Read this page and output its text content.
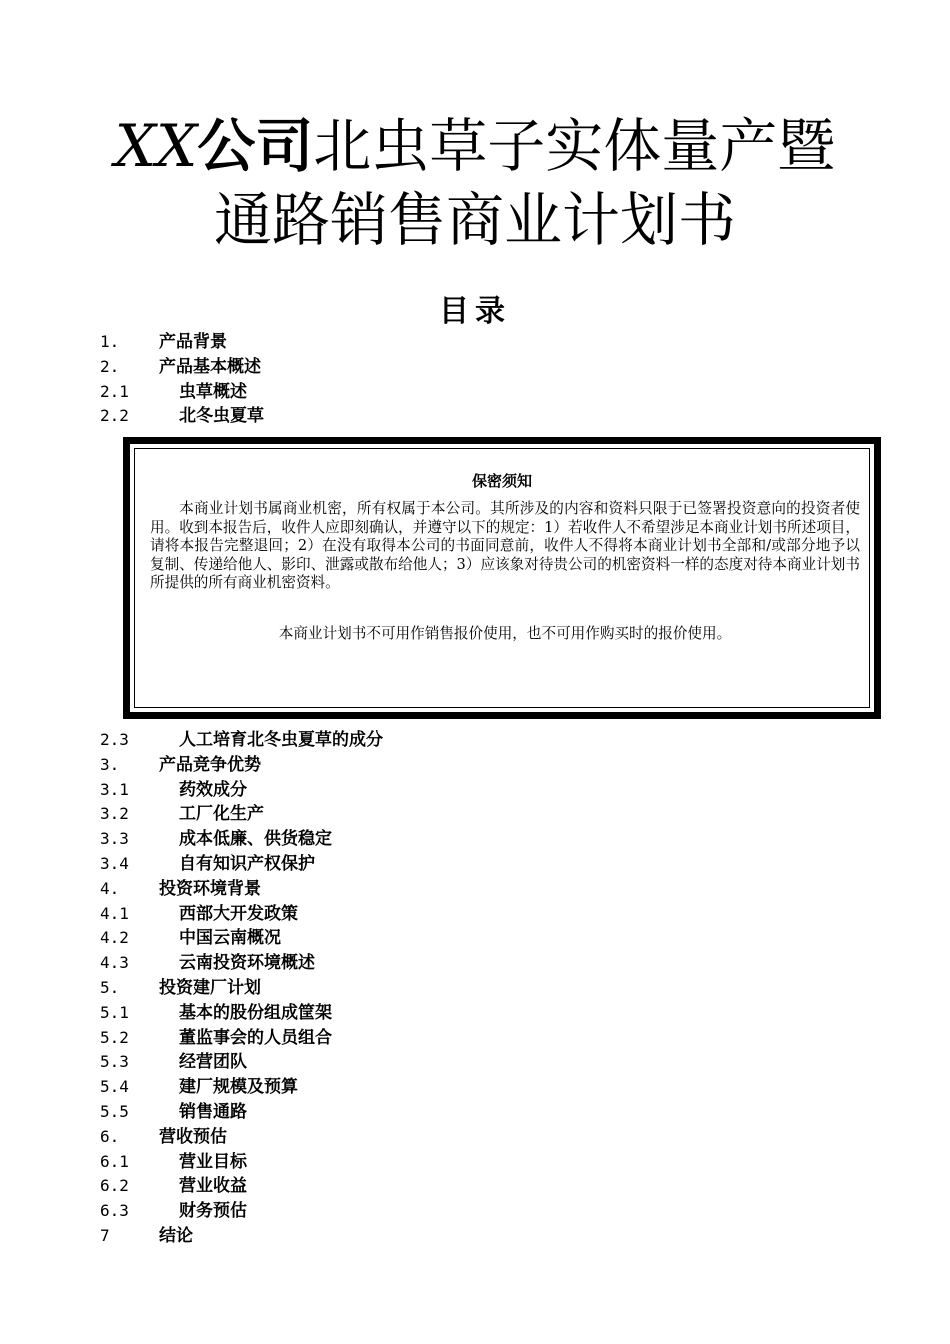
XX公司北虫草子实体量产暨
通路销售商业计划书
目录
1. 产品背景
2. 产品基本概述
2.1	虫草概述
2.2	北冬虫夏草
保密须知

本商业计划书属商业机密，所有权属于本公司。其所涉及的内容和资料只限于已签署投资意向的投资者使用。收到本报告后，收件人应即刻确认，并遵守以下的规定：1）若收件人不希望涉足本商业计划书所述项目，请将本报告完整退回；2）在没有取得本公司的书面同意前，收件人不得将本商业计划书全部和/或部分地予以复制、传递给他人、影印、泄露或散布给他人；3）应该象对待贵公司的机密资料一样的态度对待本商业计划书所提供的所有商业机密资料。

本商业计划书不可用作销售报价使用，也不可用作购买时的报价使用。

2.3	人工培育北冬虫夏草的成分
3. 产品竞争优势
3.1	药效成分
3.2	工厂化生产
3.3	成本低廉、供货稳定
3.4	自有知识产权保护
4. 投资环境背景
4.1	西部大开发政策
4.2	中国云南概况
4.3	云南投资环境概述
5. 投资建厂计划
5.1	基本的股份组成筐架
5.2	董监事会的人员组合
5.3	经营团队
5.4	建厂规模及预算
5.5	销售通路
6. 营收预估
6.1	营业目标
6.2	营业收益
6.3	财务预估
7	结论
